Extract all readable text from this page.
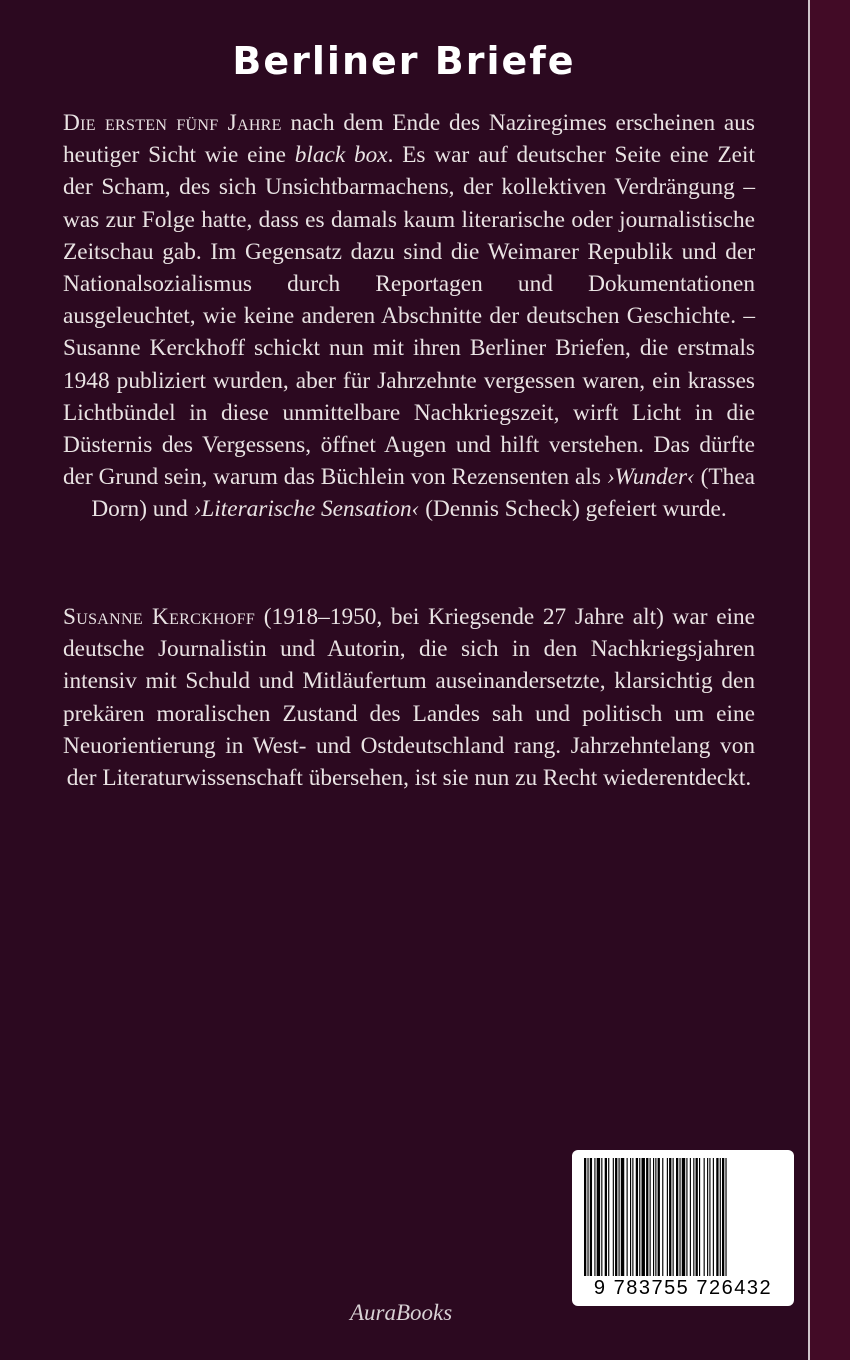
Berliner Briefe

Die ersten fünf Jahre nach dem Ende des Naziregimes erscheinen aus heutiger Sicht wie eine black box. Es war auf deutscher Seite eine Zeit der Scham, des sich Unsichtbarmachens, der kollektiven Verdrängung – was zur Folge hatte, dass es damals kaum literarische oder journalistische Zeitschau gab. Im Gegensatz dazu sind die Weimarer Republik und der Nationalsozialismus durch Reportagen und Dokumentationen ausgeleuchtet, wie keine anderen Abschnitte der deutschen Geschichte. – Susanne Kerckhoff schickt nun mit ihren Berliner Briefen, die erstmals 1948 publiziert wurden, aber für Jahrzehnte vergessen waren, ein krasses Lichtbündel in diese unmittelbare Nachkriegszeit, wirft Licht in die Düsternis des Vergessens, öffnet Augen und hilft verstehen. Das dürfte der Grund sein, warum das Büchlein von Rezensenten als ›Wunder‹ (Thea Dorn) und ›Literarische Sensation‹ (Dennis Scheck) gefeiert wurde.

Susanne Kerckhoff (1918–1950, bei Kriegsende 27 Jahre alt) war eine deutsche Journalistin und Autorin, die sich in den Nachkriegsjahren intensiv mit Schuld und Mitläufertum auseinandersetzte, klarsichtig den prekären moralischen Zustand des Landes sah und politisch um eine Neuorientierung in West- und Ostdeutschland rang. Jahrzehntelang von der Literaturwissenschaft übersehen, ist sie nun zu Recht wiederentdeckt.

9 783755 726432
AuraBooks
